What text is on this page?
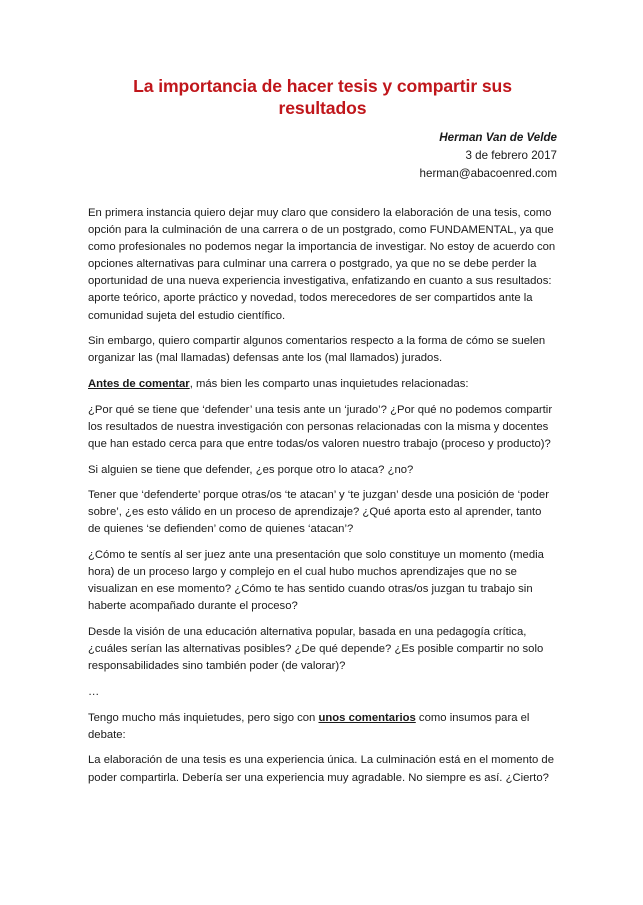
La importancia de hacer tesis y compartir sus resultados
Herman Van de Velde
3 de febrero 2017
herman@abacoenred.com

En primera instancia quiero dejar muy claro que considero la elaboración de una tesis, como opción para la culminación de una carrera o de un postgrado, como FUNDAMENTAL, ya que como profesionales no podemos negar la importancia de investigar. No estoy de acuerdo con opciones alternativas para culminar una carrera o postgrado, ya que no se debe perder la oportunidad de una nueva experiencia investigativa, enfatizando en cuanto a sus resultados: aporte teórico, aporte práctico y novedad, todos merecedores de ser compartidos ante la comunidad sujeta del estudio científico.

Sin embargo, quiero compartir algunos comentarios respecto a la forma de cómo se suelen organizar las (mal llamadas) defensas ante los (mal llamados) jurados.

Antes de comentar, más bien les comparto unas inquietudes relacionadas:

¿Por qué se tiene que ‘defender’ una tesis ante un ‘jurado’? ¿Por qué no podemos compartir los resultados de nuestra investigación con personas relacionadas con la misma y docentes que han estado cerca para que entre todas/os valoren nuestro trabajo (proceso y producto)?

Si alguien se tiene que defender, ¿es porque otro lo ataca? ¿no?

Tener que ‘defenderte’ porque otras/os ‘te atacan’ y ‘te juzgan’ desde una posición de ‘poder sobre’, ¿es esto válido en un proceso de aprendizaje? ¿Qué aporta esto al aprender, tanto de quienes ‘se defienden’ como de quienes ‘atacan’?

¿Cómo te sentís al ser juez ante una presentación que solo constituye un momento (media hora) de un proceso largo y complejo en el cual hubo muchos aprendizajes que no se visualizan en ese momento? ¿Cómo te has sentido cuando otras/os juzgan tu trabajo sin haberte acompañado durante el proceso?

Desde la visión de una educación alternativa popular, basada en una pedagogía crítica, ¿cuáles serían las alternativas posibles? ¿De qué depende? ¿Es posible compartir no solo responsabilidades sino también poder (de valorar)?

…

Tengo mucho más inquietudes, pero sigo con unos comentarios como insumos para el debate:

La elaboración de una tesis es una experiencia única. La culminación está en el momento de poder compartirla. Debería ser una experiencia muy agradable. No siempre es así. ¿Cierto?
